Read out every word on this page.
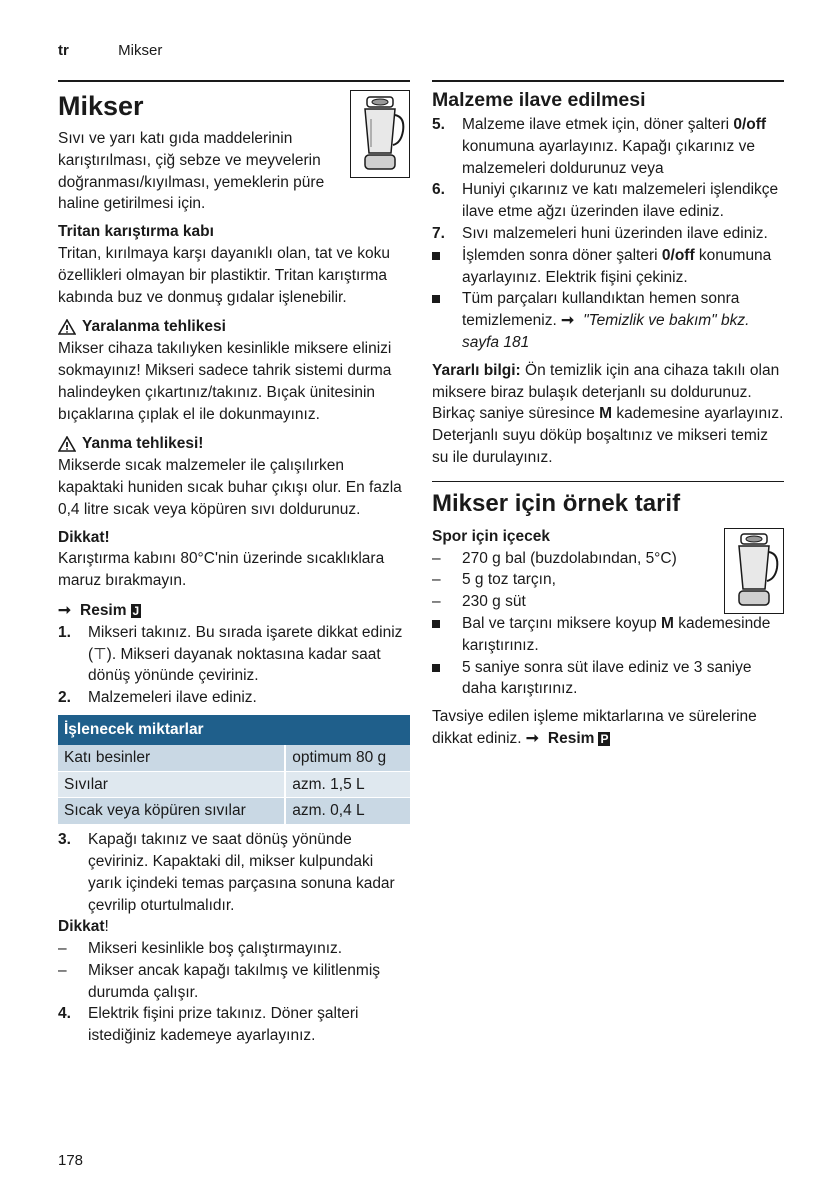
tr	Mikser
Mikser

Sıvı ve yarı katı gıda maddelerinin karıştırılması, çiğ sebze ve meyvelerin doğranması/kıyılması, yemeklerin püre haline getirilmesi için.

Tritan karıştırma kabı

Tritan, kırılmaya karşı dayanıklı olan, tat ve koku özellikleri olmayan bir plastiktir. Tritan karıştırma kabında buz ve donmuş gıdalar işlenebilir.

Yaralanma tehlikesi

Mikser cihaza takılıyken kesinlikle miksere elinizi sokmayınız! Mikseri sadece tahrik sistemi durma halindeyken çıkartınız/takınız. Bıçak ünitesinin bıçaklarına çıplak el ile dokunmayınız.

Yanma tehlikesi!

Mikserde sıcak malzemeler ile çalışılırken kapaktaki huniden sıcak buhar çıkışı olur. En fazla 0,4 litre sıcak veya köpüren sıvı doldurunuz.

Dikkat!

Karıştırma kabını 80°C'nin üzerinde sıcaklıklara maruz bırakmayın.

➞ Resim J
1.	Mikseri takınız. Bu sırada işarete dikkat ediniz (⊤). Mikseri dayanak noktasına kadar saat dönüş yönünde çeviriniz.
2.	Malzemeleri ilave ediniz.
İşlenecek miktarlar	
Katı besinler	optimum 80 g
Sıvılar	azm. 1,5 L
Sıcak veya köpüren sıvılar	azm. 0,4 L
3.	Kapağı takınız ve saat dönüş yönünde çeviriniz. Kapaktaki dil, mikser kulpundaki yarık içindeki temas parçasına sonuna kadar çevrilip oturtulmalıdır.
Dikkat!
–	Mikseri kesinlikle boş çalıştırmayınız.
–	Mikser ancak kapağı takılmış ve kilitlenmiş durumda çalışır.
4.	Elektrik fişini prize takınız. Döner şalteri istediğiniz kademeye ayarlayınız.
Malzeme ilave edilmesi
5.	Malzeme ilave etmek için, döner şalteri 0/off konumuna ayarlayınız. Kapağı çıkarınız ve malzemeleri doldurunuz veya
6.	Huniyi çıkarınız ve katı malzemeleri işlendikçe ilave etme ağzı üzerinden ilave ediniz.
7.	Sıvı malzemeleri huni üzerinden ilave ediniz.
İşlemden sonra döner şalteri 0/off konumuna ayarlayınız. Elektrik fişini çekiniz.
Tüm parçaları kullandıktan hemen sonra temizlemeniz. ➞ "Temizlik ve bakım" bkz. sayfa 181

Yararlı bilgi: Ön temizlik için ana cihaza takılı olan miksere biraz bulaşık deterjanlı su doldurunuz. Birkaç saniye süresince M kademesine ayarlayınız. Deterjanlı suyu döküp boşaltınız ve mikseri temiz su ile durulayınız.

Mikser için örnek tarif
Spor için içecek
–	270 g bal (buzdolabından, 5°C)
–	5 g toz tarçın,
–	230 g süt
Bal ve tarçını miksere koyup M kademesinde karıştırınız.
5 saniye sonra süt ilave ediniz ve 3 saniye daha karıştırınız.

Tavsiye edilen işleme miktarlarına ve sürelerine dikkat ediniz. ➞ Resim P

178
